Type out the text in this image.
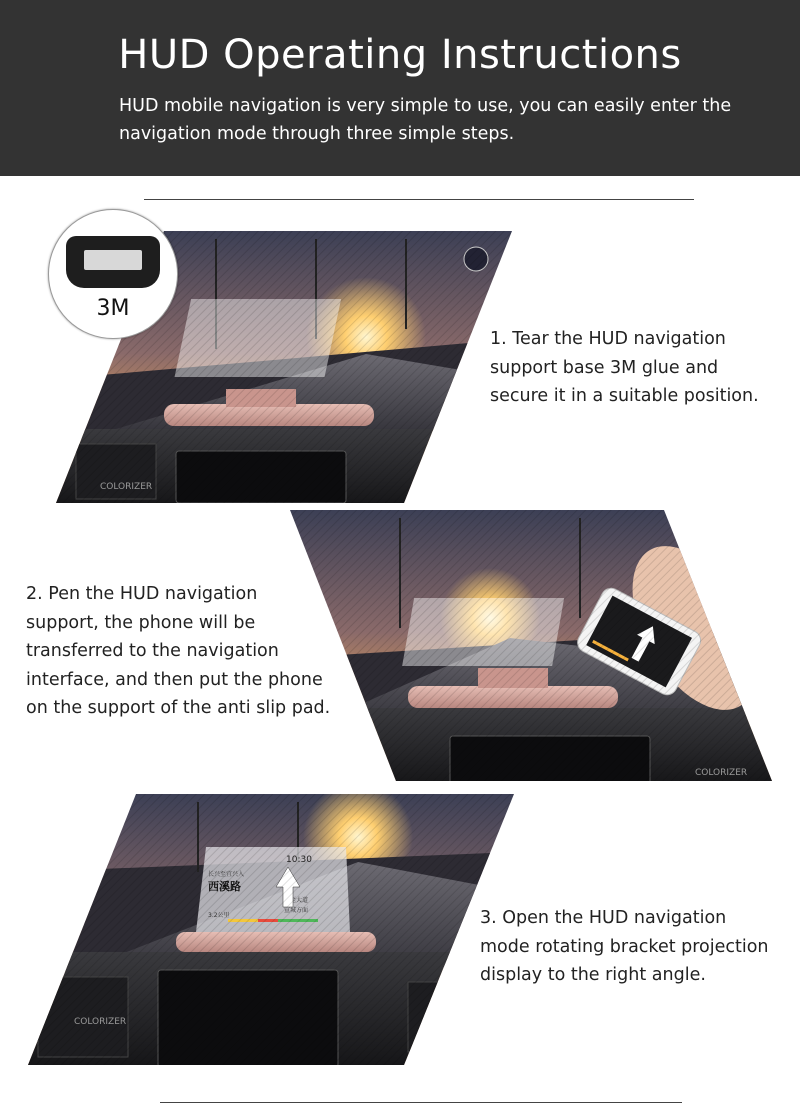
HUD Operating Instructions

HUD mobile navigation is very simple to use, you can easily enter the navigation mode through three simple steps.

COLORIZER
3M
1. Tear the HUD navigation
support base 3M glue and
secure it in a suitable position.
COLORIZER
2. Pen the HUD navigation
support, the phone will be
transferred to the navigation
interface, and then put the phone
on the support of the anti slip pad.
COLORIZER
3. Open the HUD navigation
mode rotating bracket projection
display to the right angle.
